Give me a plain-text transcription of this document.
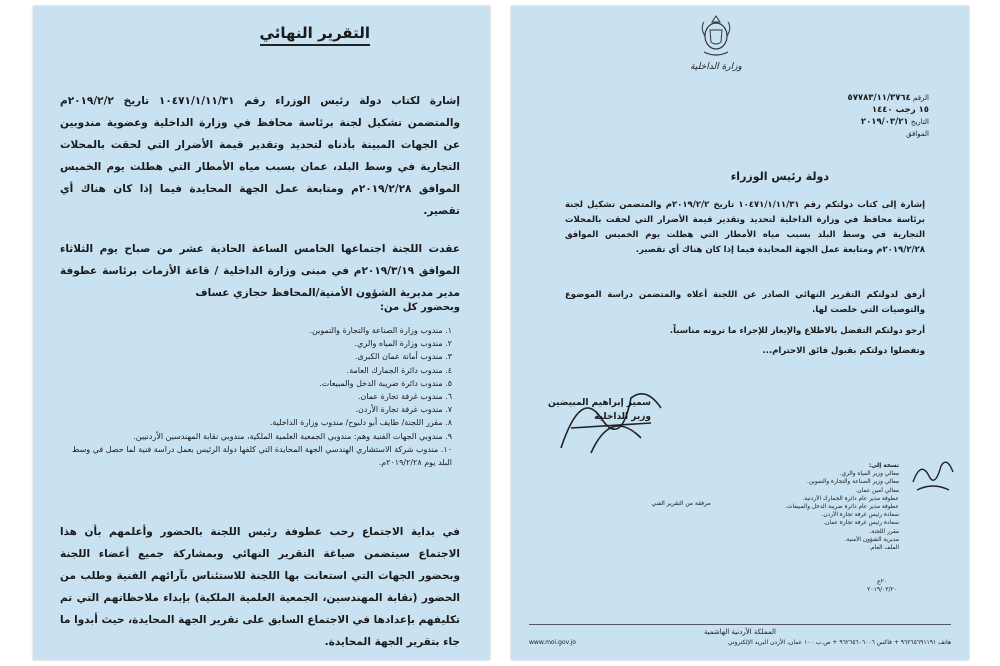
التقرير النهائي

إشارة لكتاب دولة رئيس الوزراء رقم ١٠٤٧١/١/١١/٣١ تاريخ ٢٠١٩/٢/٢م والمتضمن تشكيل لجنة برئاسة محافظ في وزارة الداخلية وعضوية مندوبين عن الجهات المبينة بأدناه لتحديد وتقدير قيمة الأضرار التي لحقت بالمحلات التجارية في وسط البلد، عمان بسبب مياه الأمطار التي هطلت يوم الخميس الموافق ٢٠١٩/٢/٢٨م ومتابعة عمل الجهة المحايدة فيما إذا كان هناك أي تقصير.

عقدت اللجنة اجتماعها الخامس الساعة الحادية عشر من صباح يوم الثلاثاء الموافق ٢٠١٩/٣/١٩م في مبنى وزارة الداخلية / قاعة الأزمات برئاسة عطوفة مدير مديرية الشؤون الأمنية/المحافظ حجازي عساف

وبحضور كل من:
١. مندوب وزارة الصناعة والتجارة والتموين.
٢. مندوب وزارة المياه والري.
٣. مندوب أمانة عمان الكبرى.
٤. مندوب دائرة الجمارك العامة.
٥. مندوب دائرة ضريبة الدخل والمبيعات.
٦. مندوب غرفة تجارة عمان.
٧. مندوب غرفة تجارة الأردن.
٨. مقرر اللجنة/ طايف أبو دلبوح/ مندوب وزارة الداخلية.
٩. مندوبي الجهات الفنية وهم: مندوبي الجمعية العلمية الملكية، مندوبي نقابة المهندسين الأردنيين.
١٠. مندوب شركة الاستشاري الهندسي الجهة المحايدة التي كلفها دولة الرئيس بعمل دراسة فنية لما حصل في وسط البلد يوم ٢٠١٩/٢/٢٨م.

في بداية الاجتماع رحب عطوفة رئيس اللجنة بالحضور وأعلمهم بأن هذا الاجتماع سيتضمن صياغة التقرير النهائي وبمشاركة جميع أعضاء اللجنة وبحضور الجهات التي استعانت بها اللجنة للاستئناس بآرائهم الفنية وطلب من الحضور (نقابة المهندسين، الجمعية العلمية الملكية) بإبداء ملاحظاتهم التي تم تكليفهم بإعدادها في الاجتماع السابق على تقرير الجهة المحايدة، حيث أبدوا ما جاء بتقرير الجهة المحايدة.

وزارة الداخلية
الرقم ٥٧٧٨٣/١١/٣٧٦٤
١٥ رجب ١٤٤٠
التاريخ ٢٠١٩/٠٣/٢١
الموافق
دولة رئيس الوزراء

إشارة إلى كتاب دولتكم رقم ١٠٤٧١/١/١١/٣١ تاريخ ٢٠١٩/٢/٢م والمتضمن تشكيل لجنة برئاسة محافظ في وزارة الداخلية لتحديد وتقدير قيمة الأضرار التي لحقت بالمحلات التجارية في وسط البلد بسبب مياه الأمطار التي هطلت يوم الخميس الموافق ٢٠١٩/٢/٢٨م ومتابعة عمل الجهة المحايدة فيما إذا كان هناك أي تقصير.

أرفق لدولتكم التقرير النهائي الصادر عن اللجنة أعلاه والمتضمن دراسة الموضوع والتوصيات التي خلصت لها.

أرجو دولتكم التفضل بالاطلاع والإيعاز للإجراء ما ترونه مناسباً.

وتفضلوا دولتكم بقبول فائق الاحترام...

سمير إبراهيم المبيضين
وزير الداخلية
نسخة إلى:
معالي وزير المياه والري.
معالي وزير الصناعة والتجارة والتموين.
معالي أمين عمان.
عطوفة مدير عام دائرة الجمارك الأردنية.
عطوفة مدير عام دائرة ضريبة الدخل والمبيعات.
سعادة رئيس غرفة تجارة الأردن.
سعادة رئيس غرفة تجارة عمان.
مقرر اللجنة.
مديرية الشؤون الأمنية.
الملف العام.
مرفقة من التقرير الفني
٢٠ع
٢٠١٩/٠٣/٢٠
المملكة الأردنية الهاشمية
www.moi.gov.jo	هاتف ٩٦٢٦٥٦٩١١٩١ + فاكس ٩٦٢٦٥٦٠٦٠٠٦ + ص.ب ١٠٠ عمان، الأردن البريد الإلكتروني
